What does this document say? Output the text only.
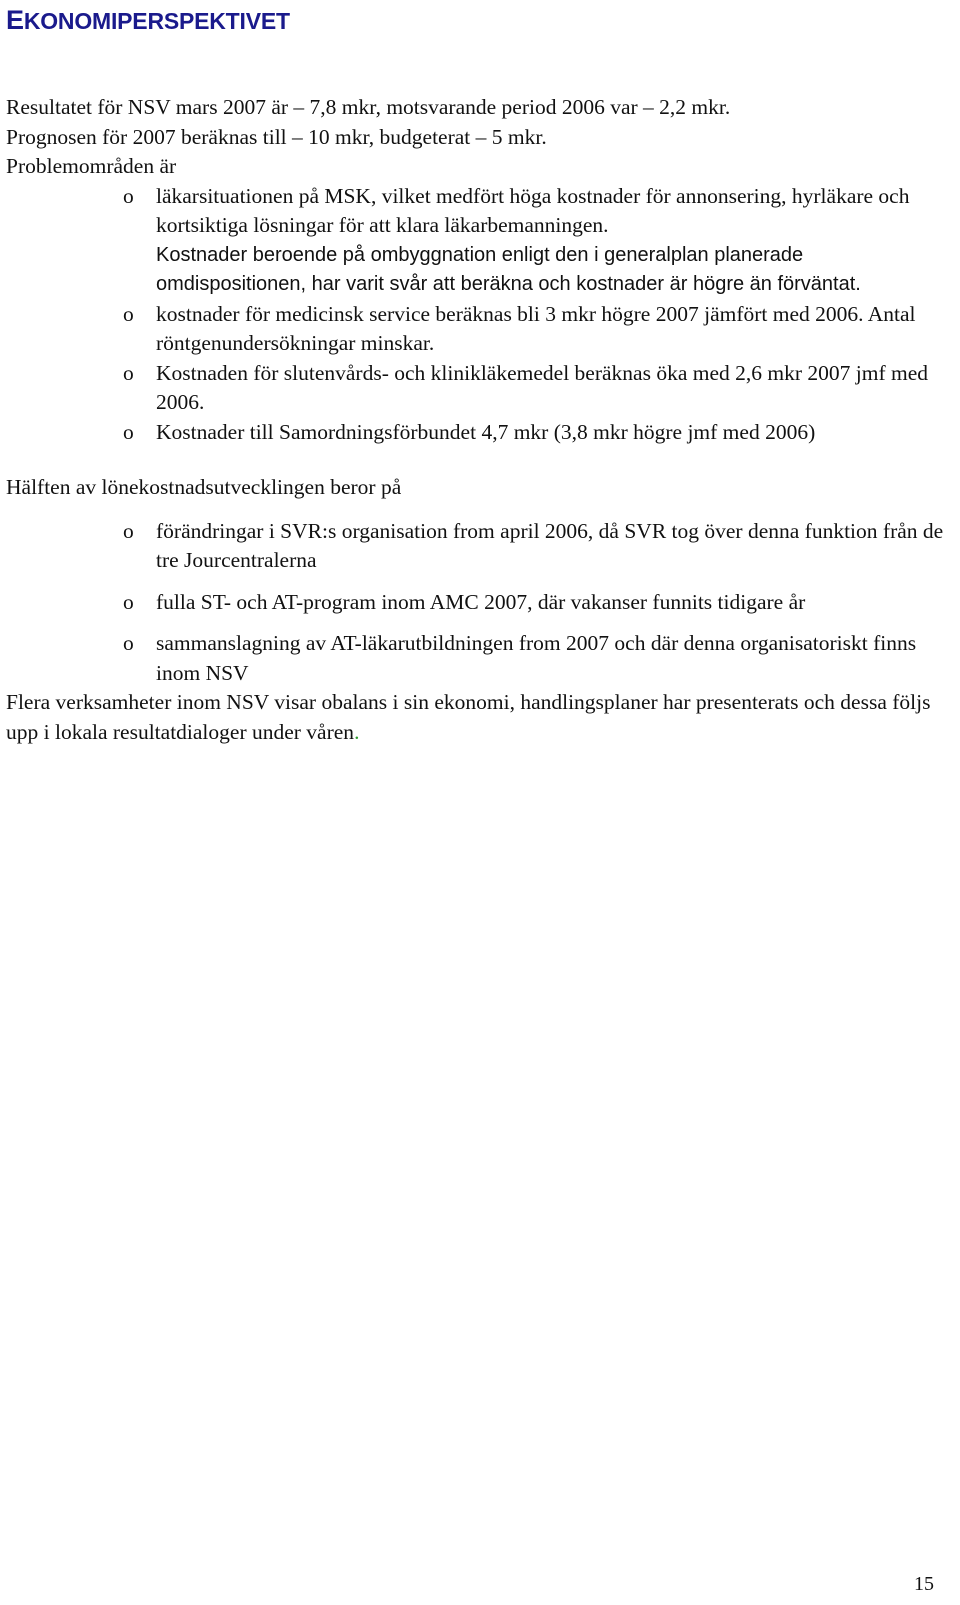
EKONOMIPERSPEKTIVET

Resultatet för NSV mars 2007 är – 7,8 mkr, motsvarande period 2006 var – 2,2 mkr.

Prognosen för 2007 beräknas till – 10 mkr, budgeterat – 5 mkr.

Problemområden är

o läkarsituationen på MSK, vilket medfört höga kostnader för annonsering, hyrläkare och kortsiktiga lösningar för att klara läkarbemanningen.

Kostnader beroende på ombyggnation enligt den i generalplan planerade omdispositionen, har varit svår att beräkna och kostnader är högre än förväntat.

o kostnader för medicinsk service beräknas bli 3 mkr högre 2007 jämfört med 2006. Antal röntgenundersökningar minskar.
o Kostnaden för slutenvårds- och klinikläkemedel beräknas öka med 2,6 mkr 2007 jmf med 2006.
o Kostnader till Samordningsförbundet 4,7 mkr (3,8 mkr högre jmf med 2006)

Hälften av lönekostnadsutvecklingen beror på

o förändringar i SVR:s organisation from april 2006, då SVR tog över denna funktion från de tre Jourcentralerna
o fulla ST- och AT-program inom AMC 2007, där vakanser funnits tidigare år
o sammanslagning av AT-läkarutbildningen from 2007 och där denna organisatoriskt finns inom NSV

Flera verksamheter inom NSV visar obalans i sin ekonomi, handlingsplaner har presenterats och dessa följs upp i lokala resultatdialoger under våren.

15
